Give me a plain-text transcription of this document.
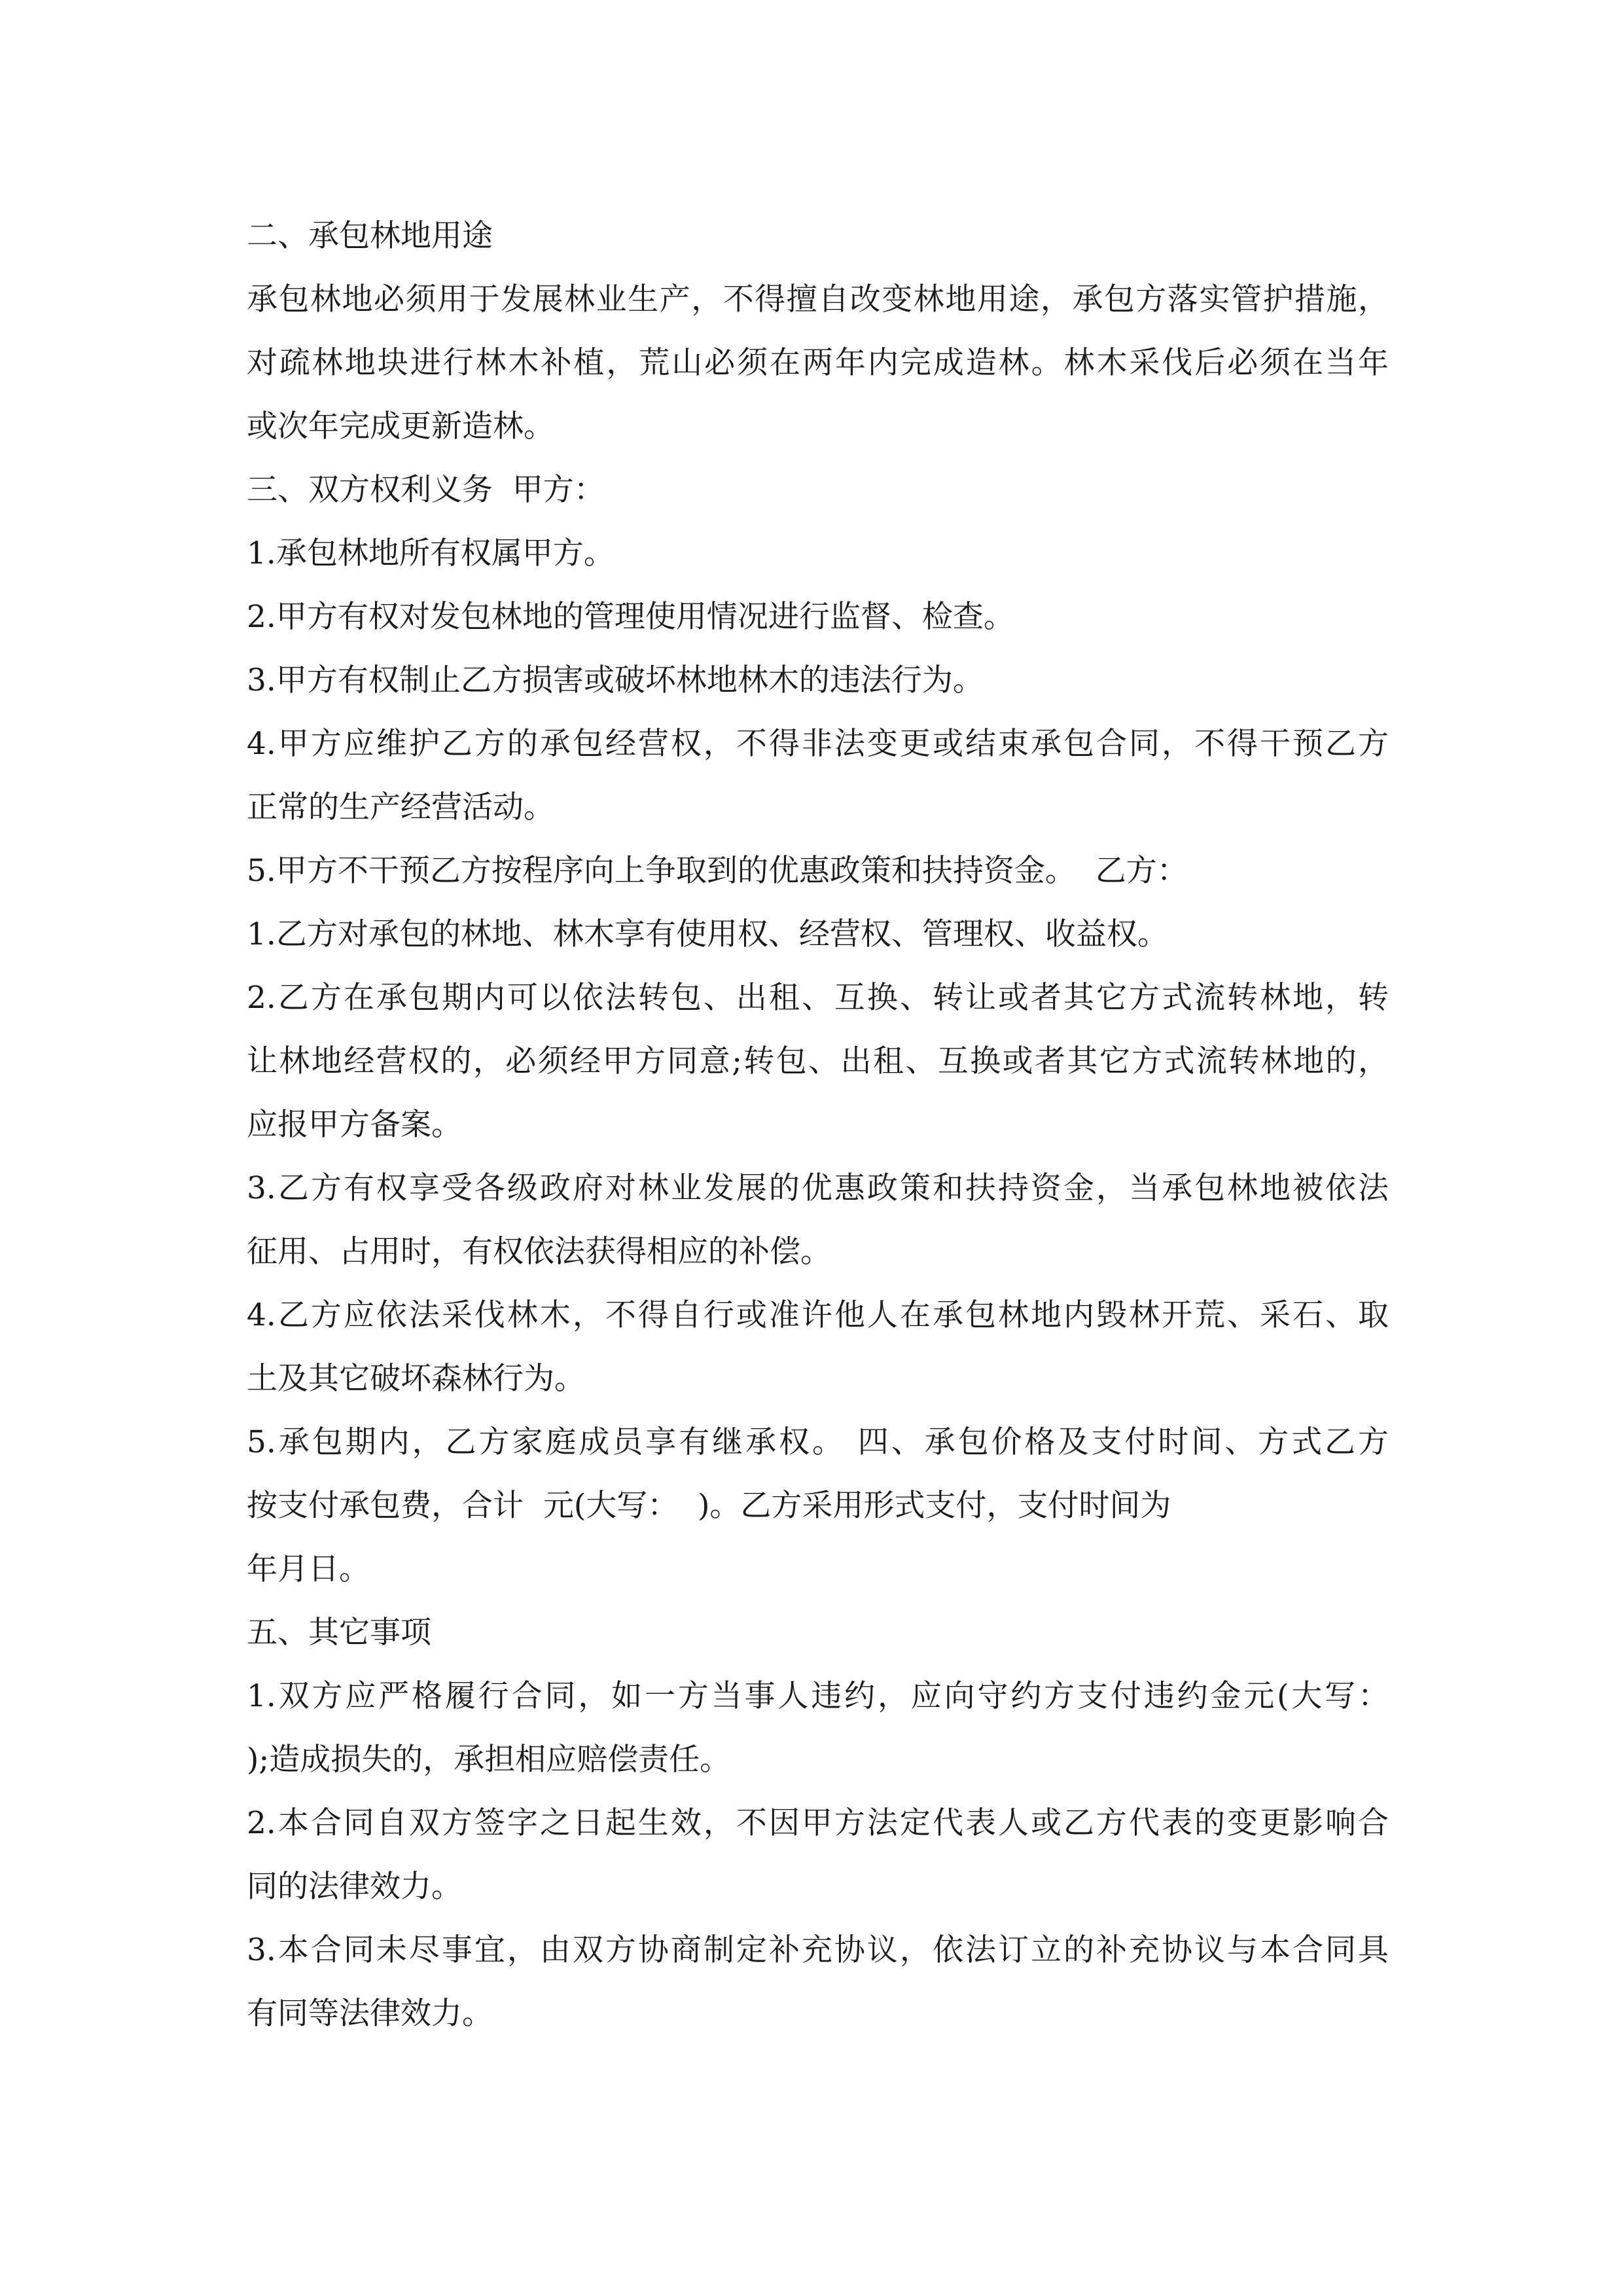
二、承包林地用途
承包林地必须用于发展林业生产，不得擅自改变林地用途，承包方落实管护措施，
对疏林地块进行林木补植，荒山必须在两年内完成造林。林木采伐后必须在当年
或次年完成更新造林。
三、双方权利义务  甲方：
1.承包林地所有权属甲方。
2.甲方有权对发包林地的管理使用情况进行监督、检查。
3.甲方有权制止乙方损害或破坏林地林木的违法行为。
4.甲方应维护乙方的承包经营权，不得非法变更或结束承包合同，不得干预乙方
正常的生产经营活动。
5.甲方不干预乙方按程序向上争取到的优惠政策和扶持资金。  乙方：
1.乙方对承包的林地、林木享有使用权、经营权、管理权、收益权。
2.乙方在承包期内可以依法转包、出租、互换、转让或者其它方式流转林地，转
让林地经营权的，必须经甲方同意;转包、出租、互换或者其它方式流转林地的，
应报甲方备案。
3.乙方有权享受各级政府对林业发展的优惠政策和扶持资金，当承包林地被依法
征用、占用时，有权依法获得相应的补偿。
4.乙方应依法采伐林木，不得自行或准许他人在承包林地内毁林开荒、采石、取
土及其它破坏森林行为。
5.承包期内，乙方家庭成员享有继承权。 四、承包价格及支付时间、方式乙方
按支付承包费，合计  元(大写：  )。乙方采用形式支付，支付时间为
年月日。
五、其它事项
1.双方应严格履行合同，如一方当事人违约，应向守约方支付违约金元(大写：
);造成损失的，承担相应赔偿责任。
2.本合同自双方签字之日起生效，不因甲方法定代表人或乙方代表的变更影响合
同的法律效力。
3.本合同未尽事宜，由双方协商制定补充协议，依法订立的补充协议与本合同具
有同等法律效力。
